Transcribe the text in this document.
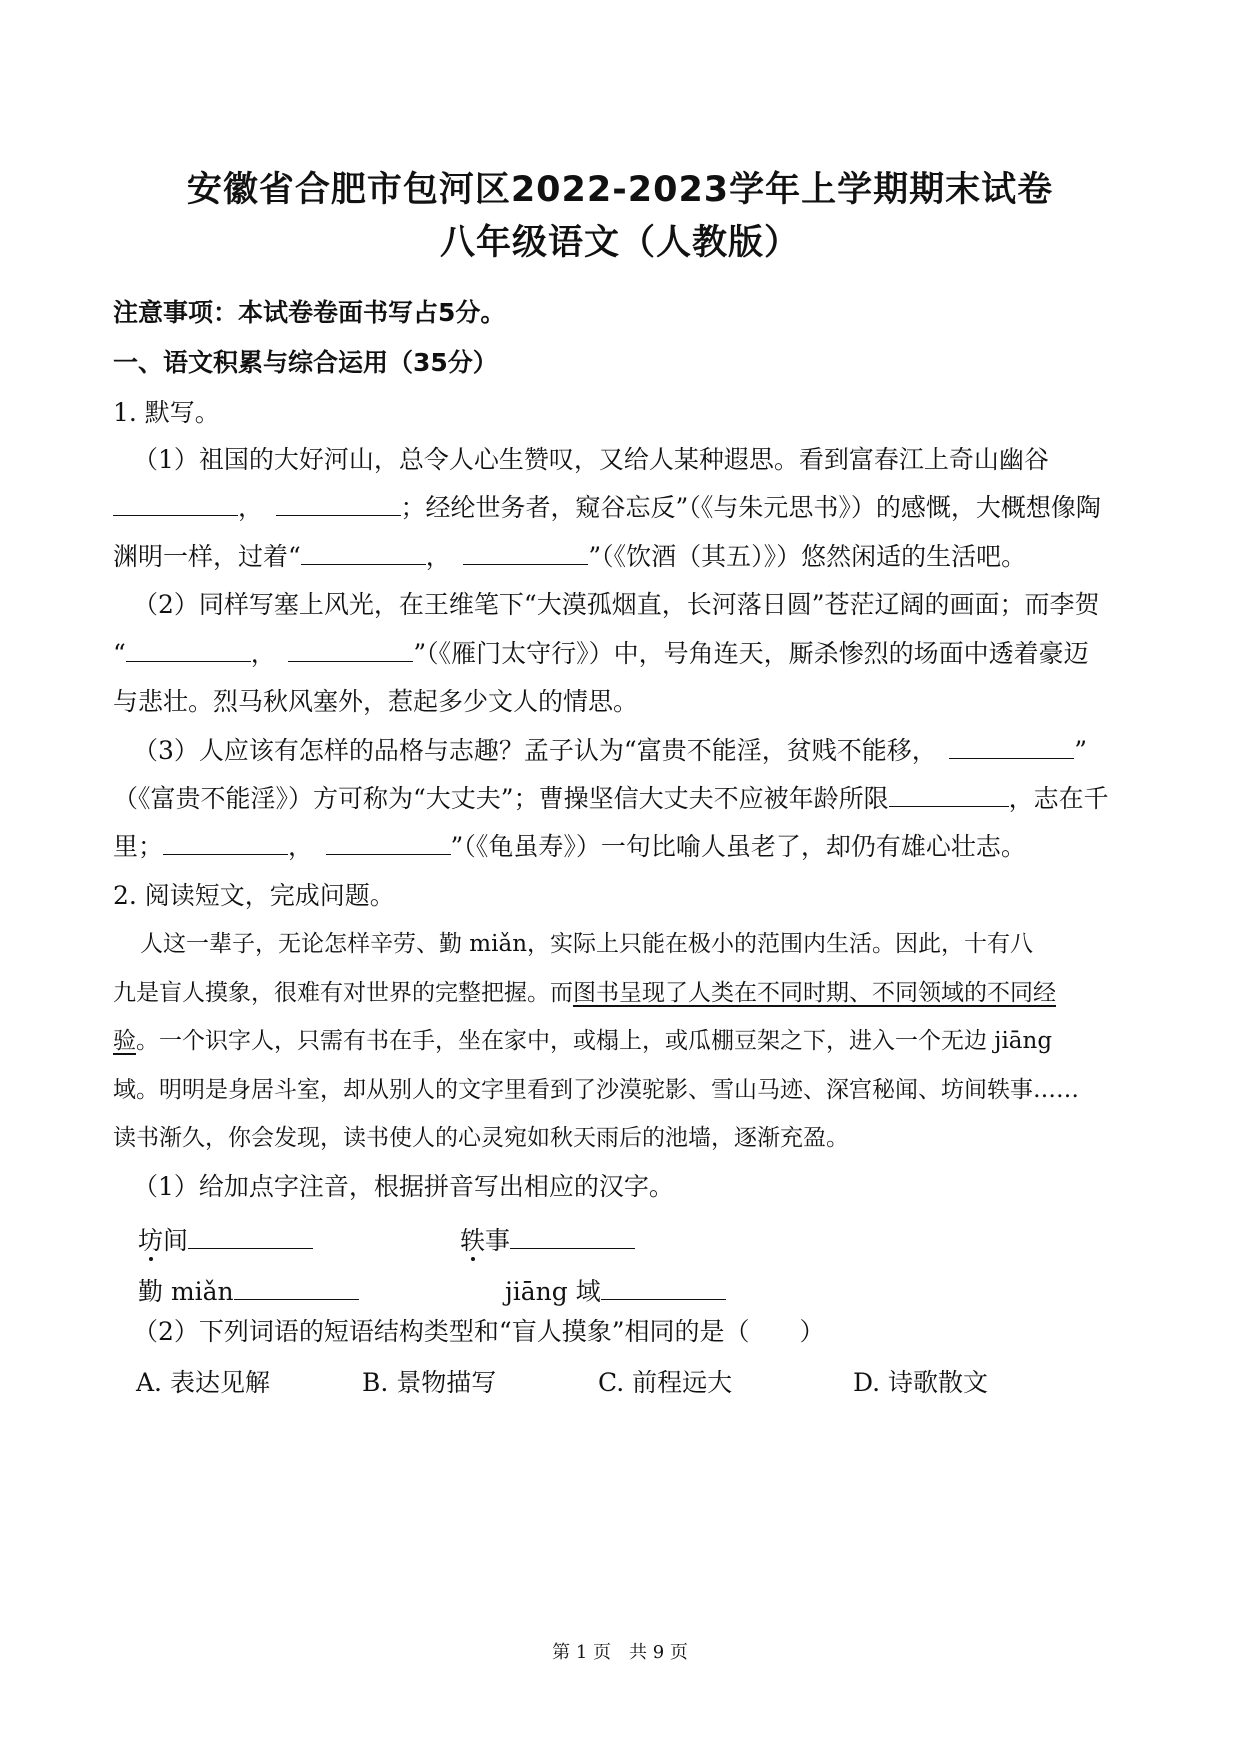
安徽省合肥市包河区2022-2023学年上学期期末试卷
八年级语文（人教版）
注意事项：本试卷卷面书写占5分。
一、语文积累与综合运用（35分）
1. 默写。
（1）祖国的大好河山，总令人心生赞叹，又给人某种遐思。看到富春江上奇山幽谷
，　	；经纶世务者，窥谷忘反”（《与朱元思书》）的感慨，大概想像陶
渊明一样，过着“	，　	”（《饮酒（其五）》）悠然闲适的生活吧。
（2）同样写塞上风光，在王维笔下“大漠孤烟直，长河落日圆”苍茫辽阔的画面；而李贺
“	，　	”（《雁门太守行》）中，号角连天，厮杀惨烈的场面中透着豪迈
与悲壮。烈马秋风塞外，惹起多少文人的情思。
（3）人应该有怎样的品格与志趣？孟子认为“富贵不能淫，贫贱不能移，　	”
（《富贵不能淫》）方可称为“大丈夫”；曹操坚信大丈夫不应被年龄所限	，志在千
里；	，　	”（《龟虽寿》）一句比喻人虽老了，却仍有雄心壮志。
2. 阅读短文，完成问题。
人这一辈子，无论怎样辛劳、勤 miǎn，实际上只能在极小的范围内生活。因此，十有八
九是盲人摸象，很难有对世界的完整把握。而图书呈现了人类在不同时期、不同领域的不同经
验。一个识字人，只需有书在手，坐在家中，或榻上，或瓜棚豆架之下，进入一个无边 jiāng
域。明明是身居斗室，却从别人的文字里看到了沙漠驼影、雪山马迹、深宫秘闻、坊间轶事……
读书渐久，你会发现，读书使人的心灵宛如秋天雨后的池墙，逐渐充盈。
（1）给加点字注音，根据拼音写出相应的汉字。
坊间	轶事
勤 miǎn	jiāng 域
（2）下列词语的短语结构类型和“盲人摸象”相同的是（　　）
A. 表达见解	B. 景物描写	C. 前程远大	D. 诗歌散文
第 1 页　共 9 页
